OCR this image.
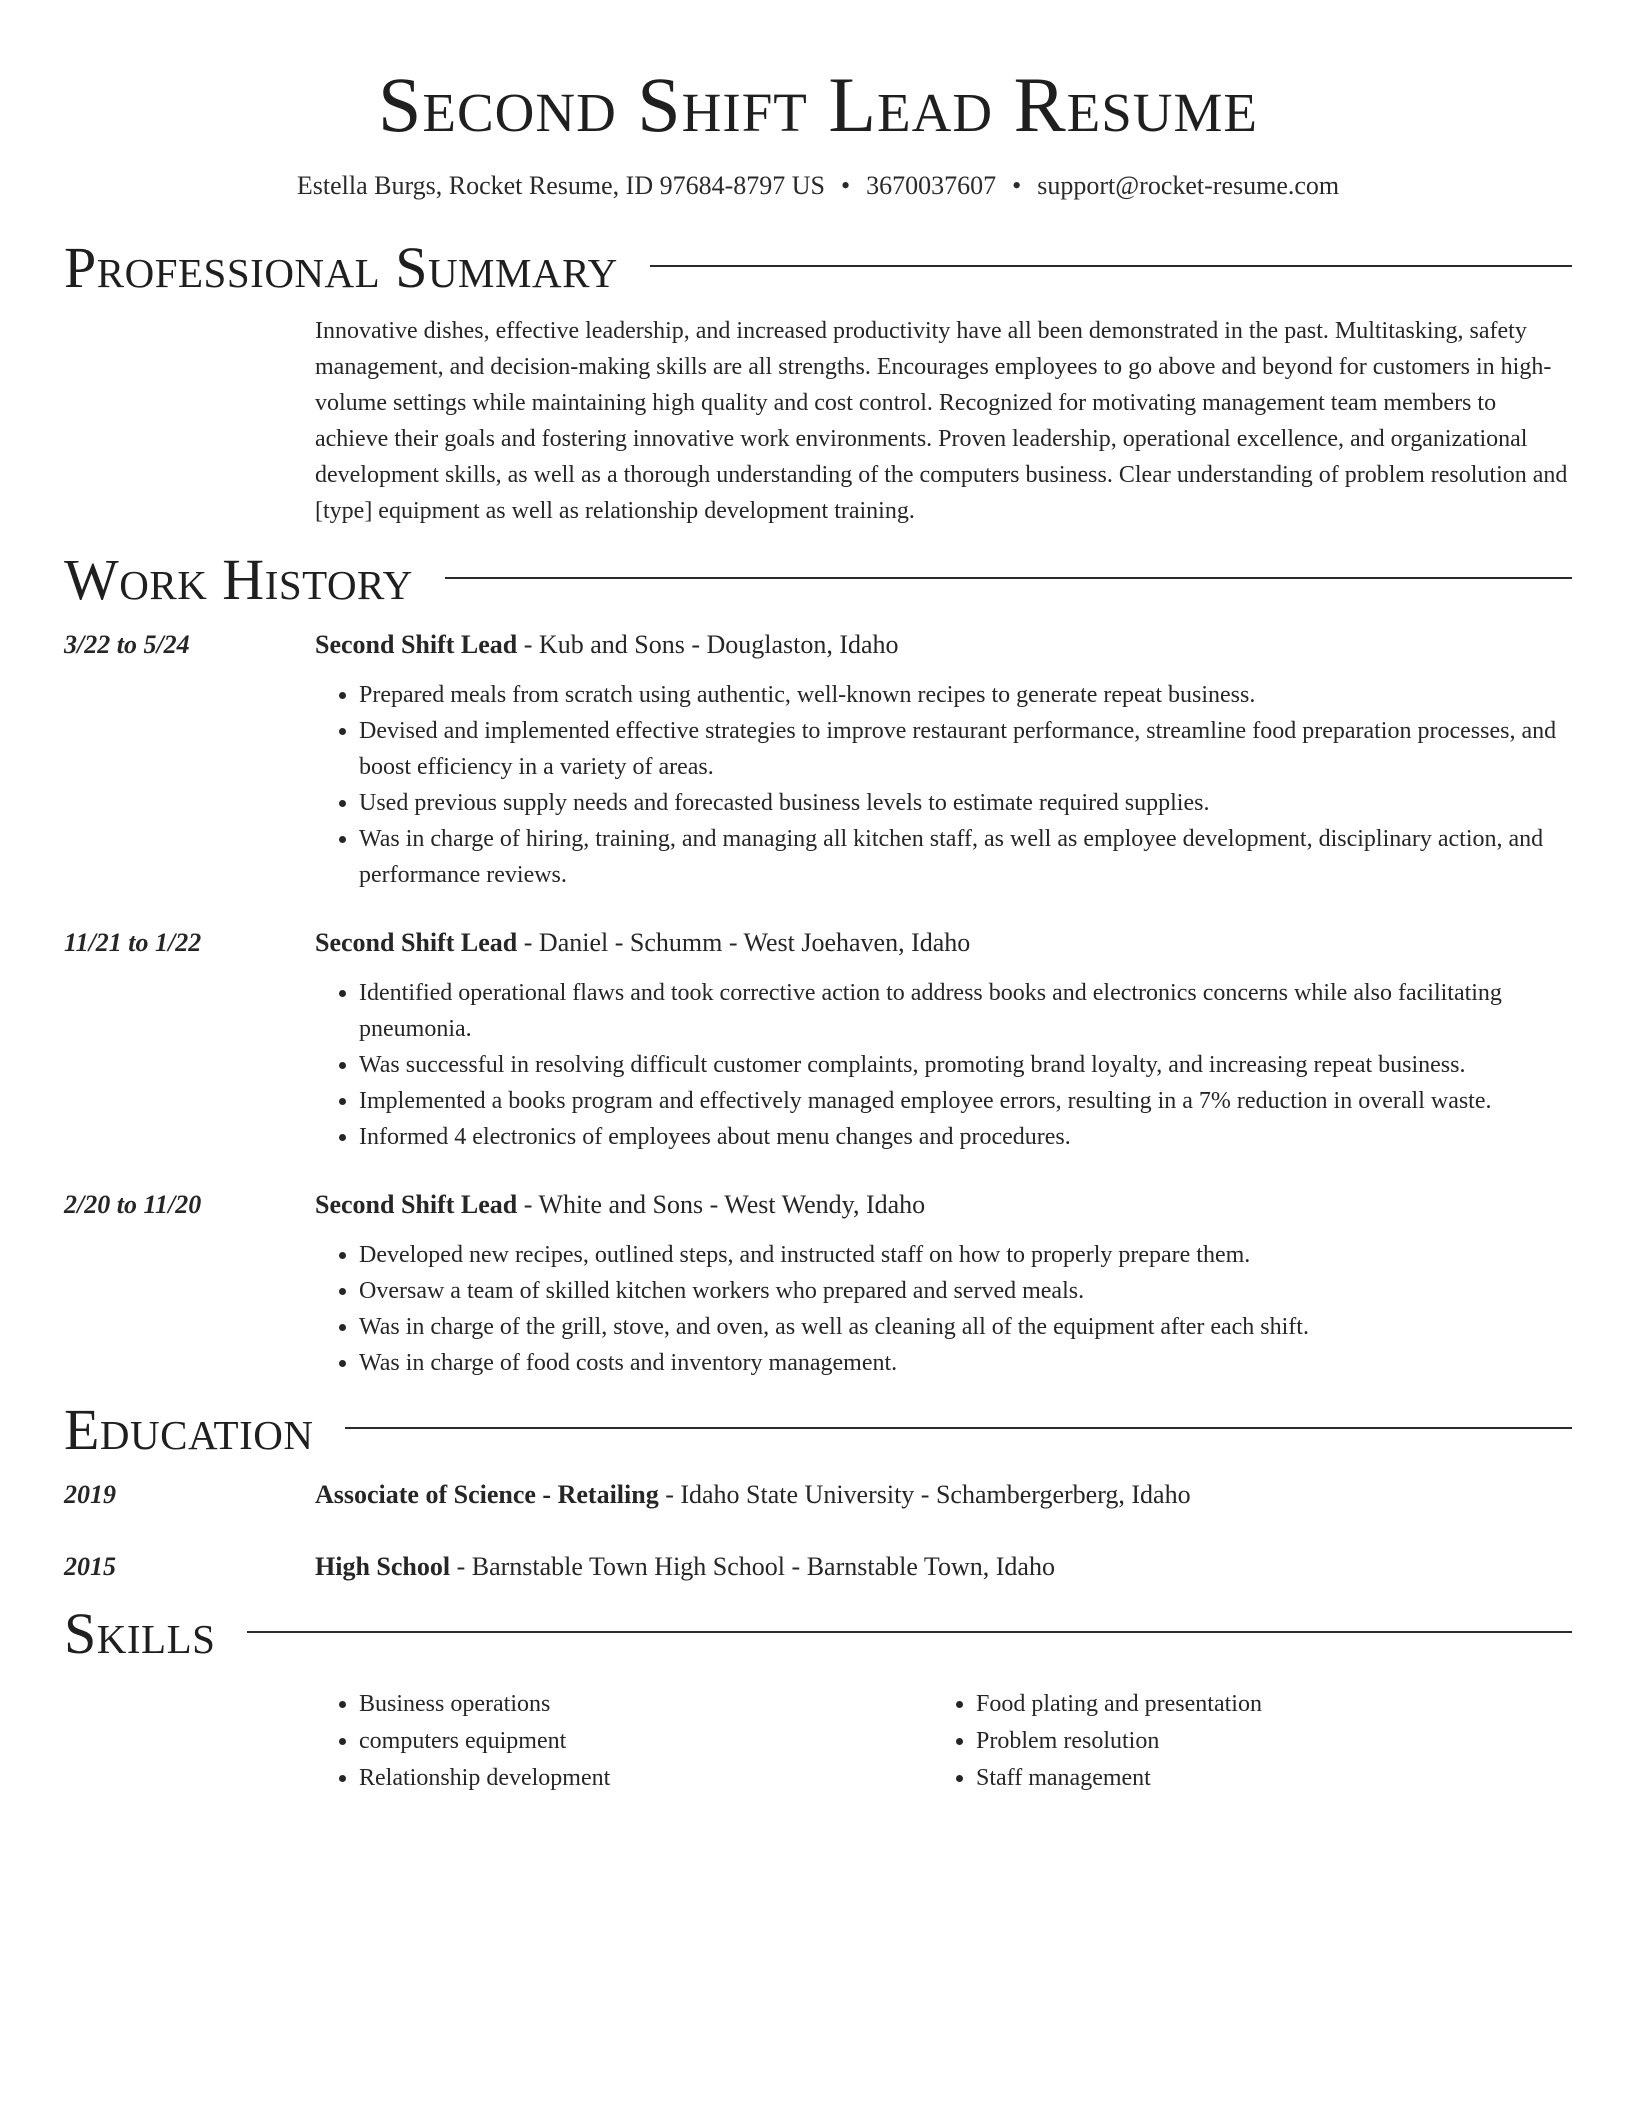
Second Shift Lead Resume
Estella Burgs, Rocket Resume, ID 97684-8797 US • 3670037607 • support@rocket-resume.com
Professional Summary
Innovative dishes, effective leadership, and increased productivity have all been demonstrated in the past. Multitasking, safety management, and decision-making skills are all strengths. Encourages employees to go above and beyond for customers in high-volume settings while maintaining high quality and cost control. Recognized for motivating management team members to achieve their goals and fostering innovative work environments. Proven leadership, operational excellence, and organizational development skills, as well as a thorough understanding of the computers business. Clear understanding of problem resolution and [type] equipment as well as relationship development training.
Work History
3/22 to 5/24	Second Shift Lead - Kub and Sons - Douglaston, Idaho
• Prepared meals from scratch using authentic, well-known recipes to generate repeat business.
• Devised and implemented effective strategies to improve restaurant performance, streamline food preparation processes, and boost efficiency in a variety of areas.
• Used previous supply needs and forecasted business levels to estimate required supplies.
• Was in charge of hiring, training, and managing all kitchen staff, as well as employee development, disciplinary action, and performance reviews.
11/21 to 1/22	Second Shift Lead - Daniel - Schumm - West Joehaven, Idaho
• Identified operational flaws and took corrective action to address books and electronics concerns while also facilitating pneumonia.
• Was successful in resolving difficult customer complaints, promoting brand loyalty, and increasing repeat business.
• Implemented a books program and effectively managed employee errors, resulting in a 7% reduction in overall waste.
• Informed 4 electronics of employees about menu changes and procedures.
2/20 to 11/20	Second Shift Lead - White and Sons - West Wendy, Idaho
• Developed new recipes, outlined steps, and instructed staff on how to properly prepare them.
• Oversaw a team of skilled kitchen workers who prepared and served meals.
• Was in charge of the grill, stove, and oven, as well as cleaning all of the equipment after each shift.
• Was in charge of food costs and inventory management.
Education
2019	Associate of Science - Retailing - Idaho State University - Schambergerberg, Idaho
2015	High School - Barnstable Town High School - Barnstable Town, Idaho
Skills
• Business operations
• computers equipment
• Relationship development
• Food plating and presentation
• Problem resolution
• Staff management
